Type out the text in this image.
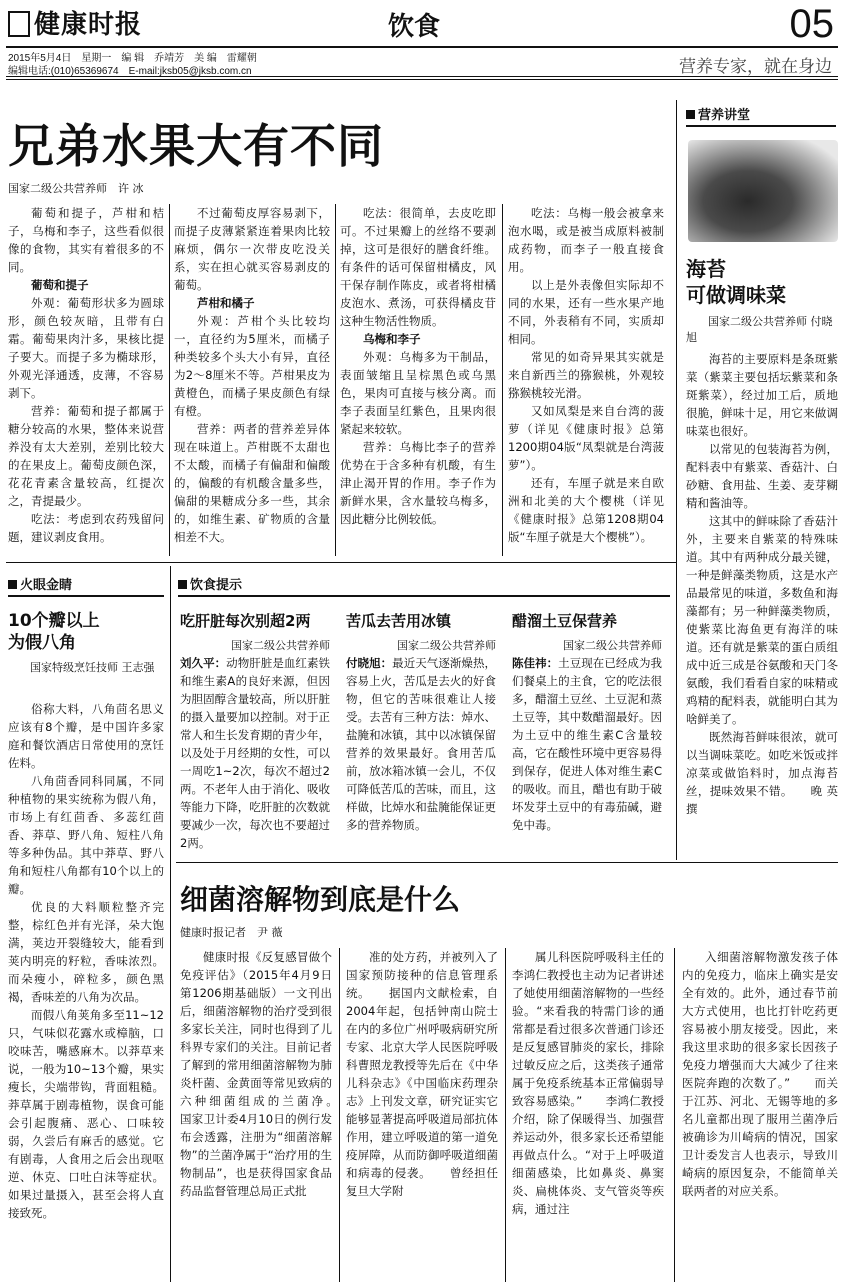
健康时报	饮食	05
2015年5月4日　星期一　编 辑　乔靖芳　美 编　雷耀朝
编辑电话:(010)65369674　E-mail:jksb05@jksb.com.cn	营养专家，就在身边
兄弟水果大有不同
国家二级公共营养师　许 冰

葡萄和提子，芦柑和桔子，乌梅和李子，这些看似很像的食物，其实有着很多的不同。

葡萄和提子

外观：葡萄形状多为圆球形，颜色较灰暗，且带有白霜。葡萄果肉汁多，果核比提子要大。而提子多为椭球形，外观光泽通透，皮薄，不容易剥下。

营养：葡萄和提子都属于糖分较高的水果，整体来说营养没有太大差别，差别比较大的在果皮上。葡萄皮颜色深，花花青素含量较高，红提次之，青提最少。

吃法：考虑到农药残留问题，建议剥皮食用。

不过葡萄皮厚容易剥下，而提子皮薄紧紧连着果肉比较麻烦，偶尔一次带皮吃没关系，实在担心就买容易剥皮的葡萄。

芦柑和橘子

外观：芦柑个头比较均一，直径约为5厘米，而橘子种类较多个头大小有异，直径为2～8厘米不等。芦柑果皮为黄橙色，而橘子果皮颜色有绿有橙。

营养：两者的营养差异体现在味道上。芦柑既不太甜也不太酸，而橘子有偏甜和偏酸的，偏酸的有机酸含量多些，偏甜的果糖成分多一些，其余的，如维生素、矿物质的含量相差不大。

吃法：很简单，去皮吃即可。不过果瓣上的丝络不要剥掉，这可是很好的膳食纤维。有条件的话可保留柑橘皮，风干保存制作陈皮，或者将柑橘皮泡水、煮汤，可获得橘皮苷这种生物活性物质。

乌梅和李子

外观：乌梅多为干制品，表面皱缩且呈棕黑色或乌黑色，果肉可直接与核分离。而李子表面呈红紫色，且果肉很紧起来较软。

营养：乌梅比李子的营养优势在于含多种有机酸，有生津止渴开胃的作用。李子作为新鲜水果，含水量较乌梅多，因此糖分比例较低。

吃法：乌梅一般会被拿来泡水喝，或是被当成原料被制成药物，而李子一般直接食用。

以上是外表像但实际却不同的水果，还有一些水果产地不同，外表稍有不同，实质却相同。

常见的如奇异果其实就是来自新西兰的猕猴桃，外观较猕猴桃较光滑。

又如凤梨是来自台湾的菠萝（详见《健康时报》总第1200期04版“凤梨就是台湾菠萝”）。

还有，车厘子就是来自欧洲和北美的大个樱桃（详见《健康时报》总第1208期04版“车厘子就是大个樱桃”）。

营养讲堂
海苔
可做调味菜
国家二级公共营养师 付晓旭

海苔的主要原料是条斑紫菜（紫菜主要包括坛紫菜和条斑紫菜），经过加工后，质地很脆，鲜味十足，用它来做调味菜也很好。

以常见的包装海苔为例，配料表中有紫菜、香菇汁、白砂糖、食用盐、生姜、麦芽糊精和酱油等。

这其中的鲜味除了香菇汁外，主要来自紫菜的特殊味道。其中有两种成分最关键，一种是鲜藻类物质，这是水产品最常见的味道，多数鱼和海藻都有；另一种鲜藻类物质，使紫菜比海鱼更有海洋的味道。还有就是紫菜的蛋白质组成中近三成是谷氨酸和天门冬氨酸，我们看看自家的味精或鸡精的配料表，就能明白其为啥鲜美了。

既然海苔鲜味很浓，就可以当调味菜吃。如吃米饭或拌凉菜或做馅料时，加点海苔丝，提味效果不错。　　晚 英撰

火眼金睛
10个瓣以上
为假八角
国家特级烹饪技师 王志强

俗称大料，八角茴名思义应该有8个瓣，是中国许多家庭和餐饮酒店日常使用的烹饪佐料。

八角茴香同科同属，不同种植物的果实统称为假八角，市场上有红茴香、多蕊红茴香、莽草、野八角、短柱八角等多种伪品。其中莽草、野八角和短柱八角都有10个以上的瓣。

优良的大料顺粒整齐完整，棕红色并有光泽，朵大饱满，荚边开裂缝较大，能看到荚内明亮的籽粒，香味浓烈。而朵瘦小，碎粒多，颜色黑褐，香味差的八角为次品。

而假八角荚角多至11~12只，气味似花露水或樟脑，口咬味苦，嘴感麻木。以莽草来说，一般为10~13个瓣，果实瘦长，尖端带钩，背面粗糙。莽草属于剧毒植物，误食可能会引起腹痛、恶心、口味较弱，久尝后有麻舌的感觉。它有剧毒，人食用之后会出现呕逆、休克、口吐白沫等症状。如果过量摄入，甚至会将人直接致死。

饮食提示
吃肝脏每次别超2两
国家二级公共营养师
刘久平：动物肝脏是血红素铁和维生素A的良好来源，但因为胆固醇含量较高，所以肝脏的摄入量要加以控制。对于正常人和生长发育期的青少年，以及处于月经期的女性，可以一周吃1~2次，每次不超过2两。不老年人由于消化、吸收等能力下降，吃肝脏的次数就要减少一次，每次也不要超过2两。
苦瓜去苦用冰镇
国家二级公共营养师
付晓旭：最近天气逐渐燥热，容易上火，苦瓜是去火的好食物，但它的苦味很难让人接受。去苦有三种方法：焯水、盐腌和冰镇，其中以冰镇保留营养的效果最好。食用苦瓜前，放冰箱冰镇一会儿，不仅可降低苦瓜的苦味，而且，这样做，比焯水和盐腌能保证更多的营养物质。
醋溜土豆保营养
国家二级公共营养师
陈佳祎：土豆现在已经成为我们餐桌上的主食，它的吃法很多，醋溜土豆丝、土豆泥和蒸土豆等，其中数醋溜最好。因为土豆中的维生素C含量较高，它在酸性环境中更容易得到保存，促进人体对维生素C的吸收。而且，醋也有助于破坏发芽土豆中的有毒茄碱，避免中毒。
细菌溶解物到底是什么
健康时报记者　尹 薇

健康时报《反复感冒做个免疫评估》（2015年4月9日第1206期基础版）一文刊出后，细菌溶解物的治疗受到很多家长关注，同时也得到了儿科界专家们的关注。目前记者了解到的常用细菌溶解物为肺炎杆菌、金黄面等常见致病的六种细菌组成的兰菌净。　　国家卫计委4月10日的例行发布会透露，注册为“细菌溶解物”的兰菌净属于“治疗用的生物制品”，也是获得国家食品药品监督管理总局正式批

准的处方药，并被列入了国家预防接种的信息管理系统。　　据国内文献检索，自2004年起，包括钟南山院士在内的多位广州呼吸病研究所专家、北京大学人民医院呼吸科曹照龙教授等先后在《中华儿科杂志》《中国临床药理杂志》上刊发文章，研究证实它能够显著提高呼吸道局部抗体作用，建立呼吸道的第一道免疫屏障，从而防御呼吸道细菌和病毒的侵袭。　　曾经担任复旦大学附

属儿科医院呼吸科主任的李鸿仁教授也主动为记者讲述了她使用细菌溶解物的一些经验。“来看我的特需门诊的通常都是看过很多次普通门诊还是反复感冒肺炎的家长，排除过敏反应之后，这类孩子通常属于免疫系统基本正常偏弱导致容易感染。”　　李鸿仁教授介绍，除了保暖得当、加强营养运动外，很多家长还希望能再做点什么。“对于上呼吸道细菌感染，比如鼻炎、鼻窦炎、扁桃体炎、支气管炎等疾病，通过注

入细菌溶解物激发孩子体内的免疫力，临床上确实是安全有效的。此外，通过春节前大方式使用，也比打针吃药更容易被小朋友接受。因此，来我这里求助的很多家长因孩子免疫力增强而大大减少了往来医院奔跑的次数了。”　　而关于江苏、河北、无锡等地的多名儿童都出现了服用兰菌净后被确诊为川崎病的情况，国家卫计委发言人也表示，导致川崎病的原因复杂，不能简单关联两者的对应关系。
